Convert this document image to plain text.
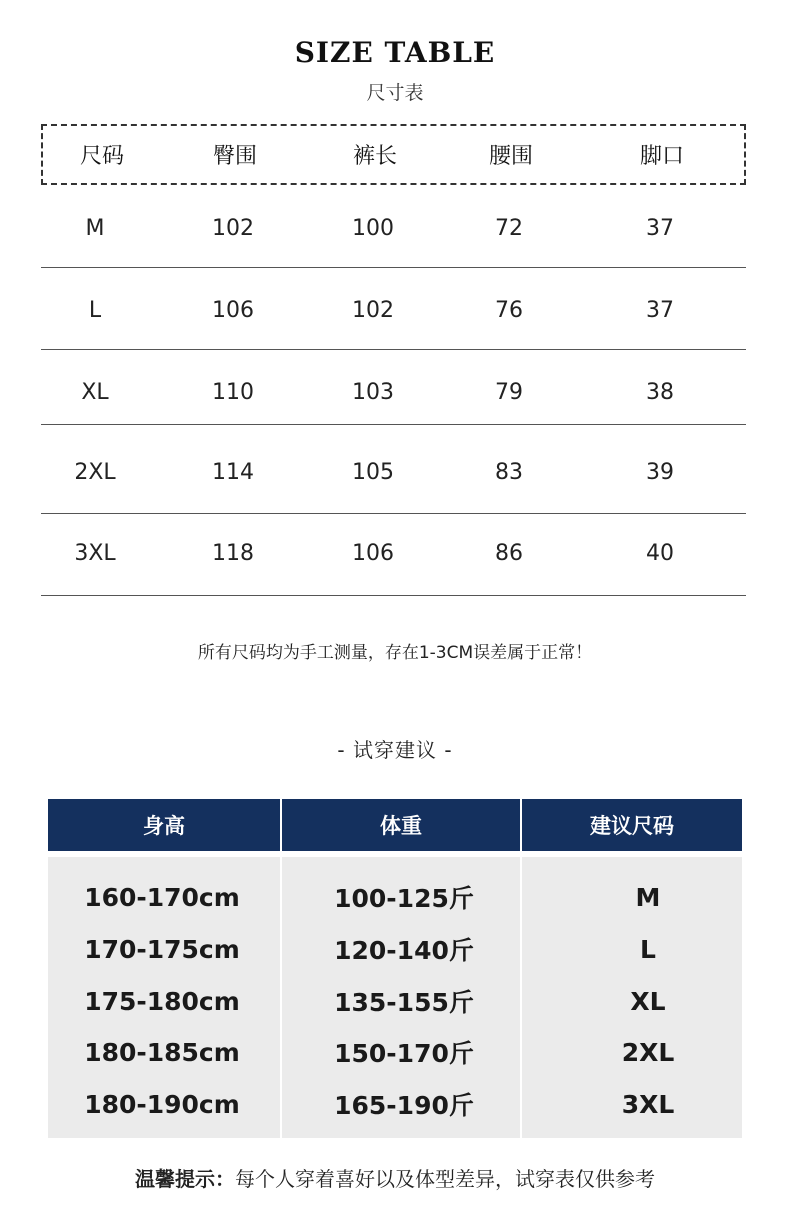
SIZE TABLE
尺寸表
尺码	臀围	裤长	腰围	脚口
M	102	100	72	37
L	106	102	76	37
XL	110	103	79	38
2XL	114	105	83	39
3XL	118	106	86	40
所有尺码均为手工测量，存在1-3CM误差属于正常！
- 试穿建议 -
身高	体重	建议尺码
160-170cm	100-125斤	M
170-175cm	120-140斤	L
175-180cm	135-155斤	XL
180-185cm	150-170斤	2XL
180-190cm	165-190斤	3XL
温馨提示：每个人穿着喜好以及体型差异，试穿表仅供参考
